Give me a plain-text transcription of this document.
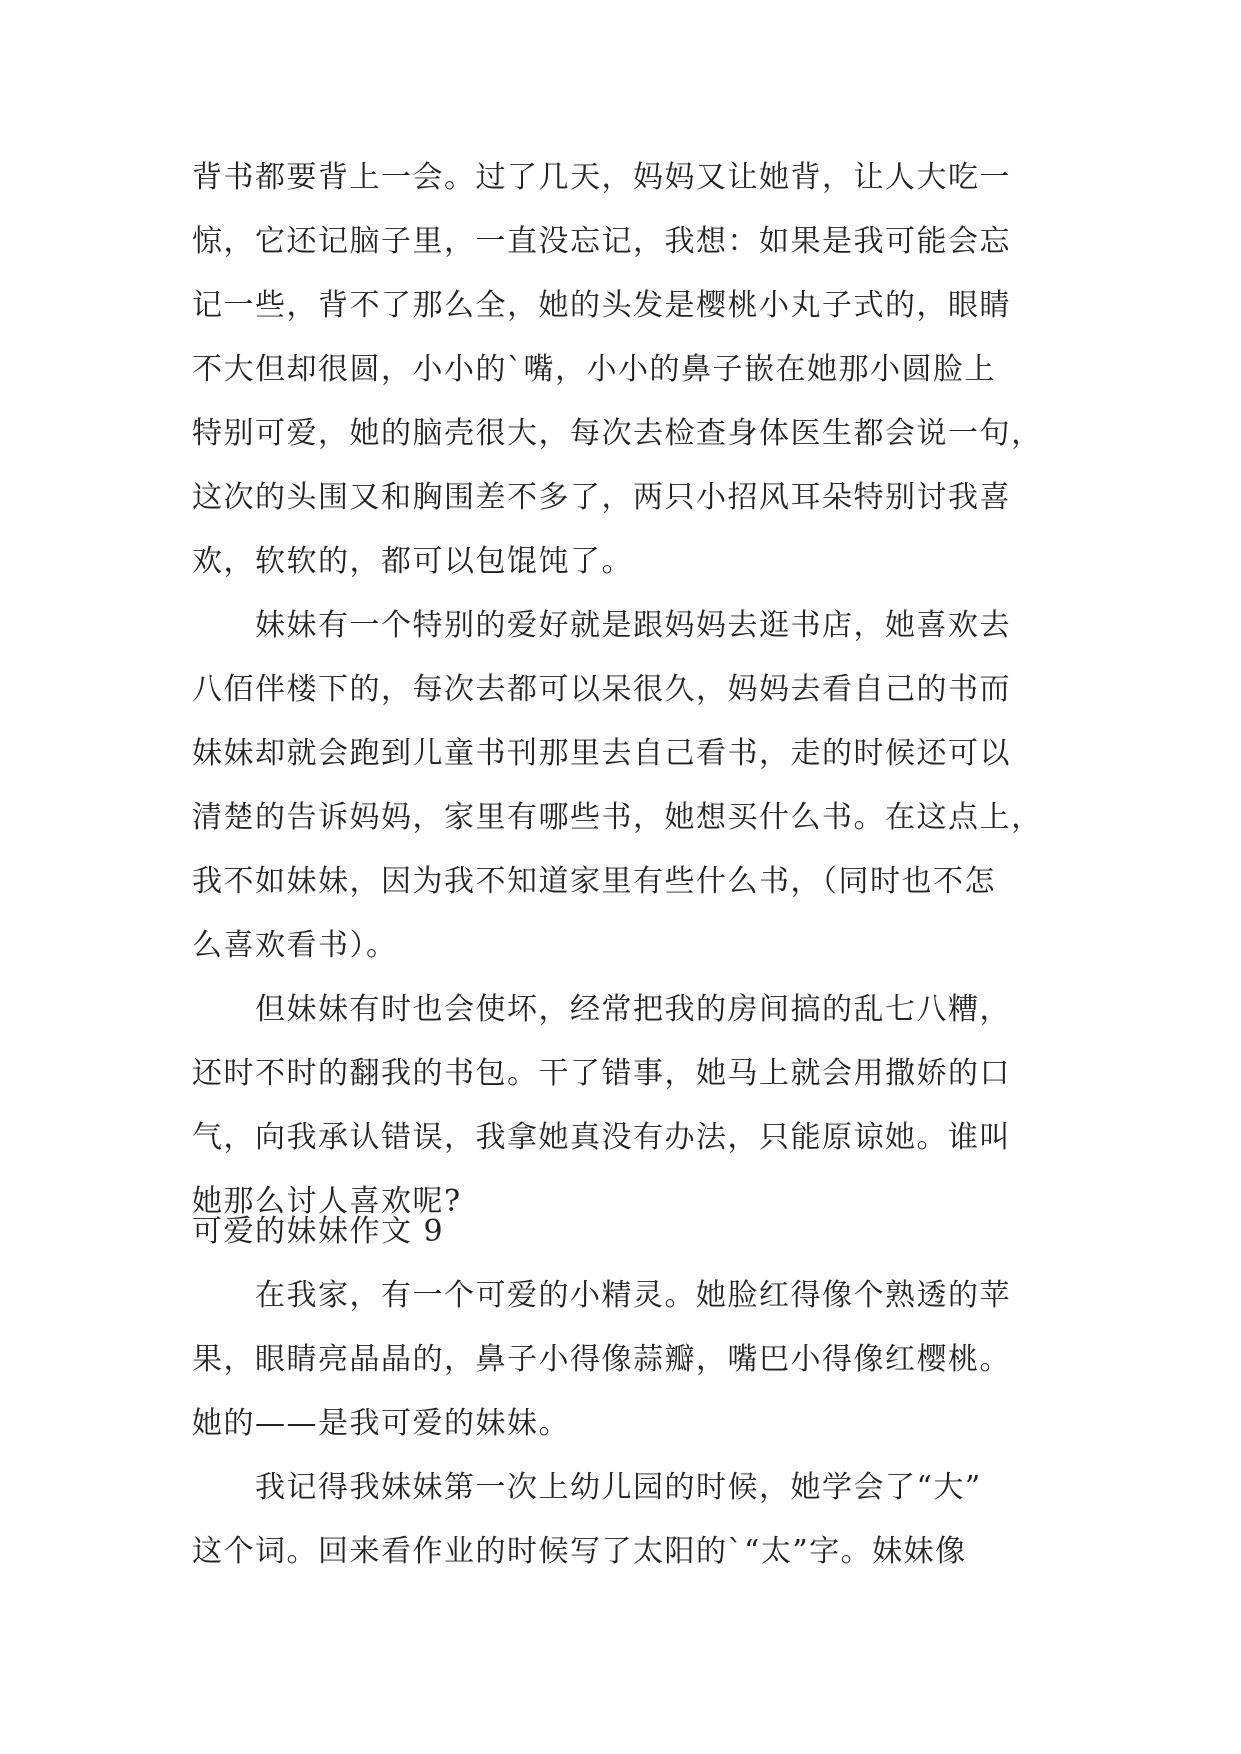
背书都要背上一会。过了几天，妈妈又让她背，让人大吃一
惊，它还记脑子里，一直没忘记，我想：如果是我可能会忘
记一些，背不了那么全，她的头发是樱桃小丸子式的，眼睛
不大但却很圆，小小的`嘴，小小的鼻子嵌在她那小圆脸上
特别可爱，她的脑壳很大，每次去检查身体医生都会说一句，
这次的头围又和胸围差不多了，两只小招风耳朵特别讨我喜
欢，软软的，都可以包馄饨了。
　　妹妹有一个特别的爱好就是跟妈妈去逛书店，她喜欢去
八佰伴楼下的，每次去都可以呆很久，妈妈去看自己的书而
妹妹却就会跑到儿童书刊那里去自己看书，走的时候还可以
清楚的告诉妈妈，家里有哪些书，她想买什么书。在这点上，
我不如妹妹，因为我不知道家里有些什么书，（同时也不怎
么喜欢看书）。
　　但妹妹有时也会使坏，经常把我的房间搞的乱七八糟，
还时不时的翻我的书包。干了错事，她马上就会用撒娇的口
气，向我承认错误，我拿她真没有办法，只能原谅她。谁叫
她那么讨人喜欢呢?
可爱的妹妹作文 9
　　在我家，有一个可爱的小精灵。她脸红得像个熟透的苹
果，眼睛亮晶晶的，鼻子小得像蒜瓣，嘴巴小得像红樱桃。
她的——是我可爱的妹妹。
　　我记得我妹妹第一次上幼儿园的时候，她学会了“大”
这个词。回来看作业的时候写了太阳的`“太”字。妹妹像
